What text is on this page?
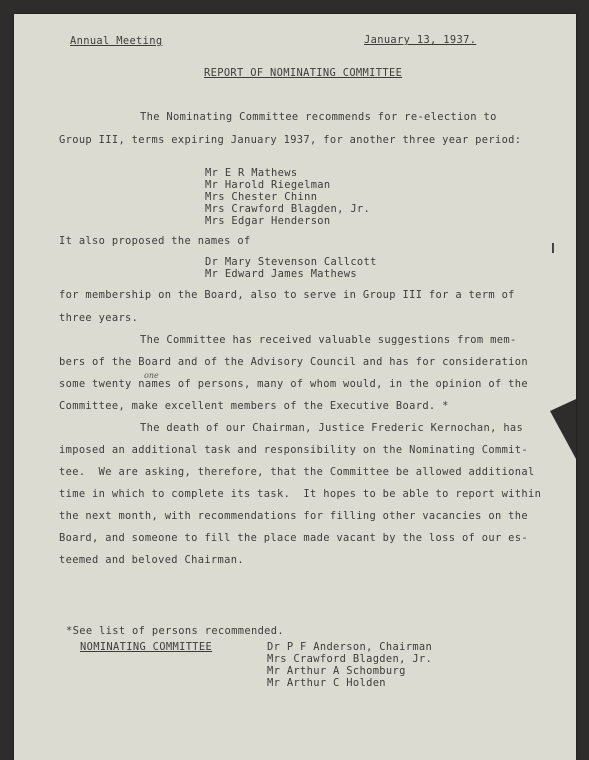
Annual Meeting	January 13, 1937.
REPORT OF NOMINATING COMMITTEE
The Nominating Committee recommends for re-election to
Group III, terms expiring January 1937, for another three year period:
Mr E R Mathews
Mr Harold Riegelman
Mrs Chester Chinn
Mrs Crawford Blagden, Jr.
Mrs Edgar Henderson
It also proposed the names of
Dr Mary Stevenson Callcott
Mr Edward James Mathews
for membership on the Board, also to serve in Group III for a term of
three years.
The Committee has received valuable suggestions from mem-
bers of the Board and of the Advisory Council and has for consideration
one
some twenty names of persons, many of whom would, in the opinion of the
Committee, make excellent members of the Executive Board. *
The death of our Chairman, Justice Frederic Kernochan, has
imposed an additional task and responsibility on the Nominating Commit-
tee.  We are asking, therefore, that the Committee be allowed additional
time in which to complete its task.  It hopes to be able to report within
the next month, with recommendations for filling other vacancies on the
Board, and someone to fill the place made vacant by the loss of our es-
teemed and beloved Chairman.
*See list of persons recommended.
NOMINATING COMMITTEE	Dr P F Anderson, Chairman
Mrs Crawford Blagden, Jr.
Mr Arthur A Schomburg
Mr Arthur C Holden
